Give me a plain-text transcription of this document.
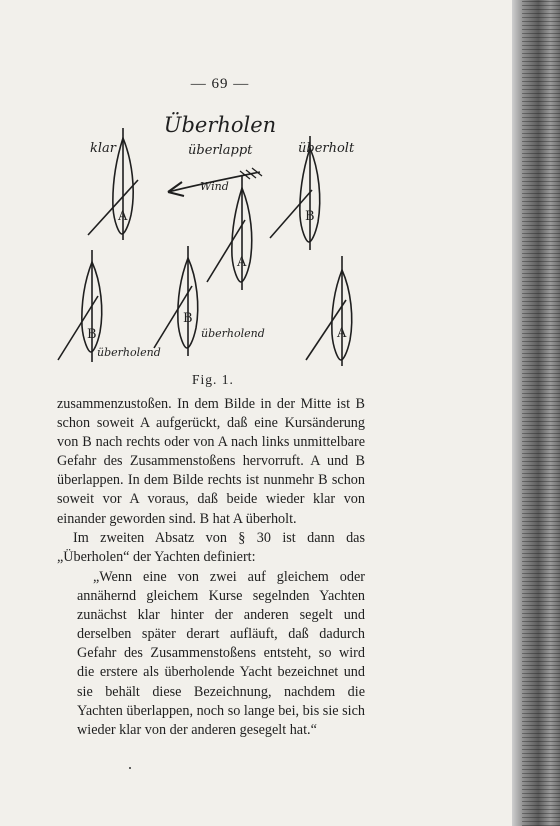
— 69 —
Überholen
klar	überlappt	überholt
Wind
überholend
überholend
A
B
A
B
B
A
Fig. 1.

zusammenzustoßen. In dem Bilde in der Mitte ist B schon soweit A aufgerückt, daß eine Kursänderung von B nach rechts oder von A nach links unmittelbare Gefahr des Zusammenstoßens hervorruft. A und B überlappen. In dem Bilde rechts ist nunmehr B schon soweit vor A voraus, daß beide wieder klar von einander geworden sind. B hat A überholt.

Im zweiten Absatz von § 30 ist dann das „Überholen“ der Yachten definiert:

„Wenn eine von zwei auf gleichem oder annähernd gleichem Kurse segelnden Yachten zunächst klar hinter der anderen segelt und derselben später derart aufläuft, daß dadurch Gefahr des Zusammenstoßens entsteht, so wird die erstere als überholende Yacht bezeichnet und sie behält diese Bezeichnung, nachdem die Yachten überlappen, noch so lange bei, bis sie sich wieder klar von der anderen gesegelt hat.“
